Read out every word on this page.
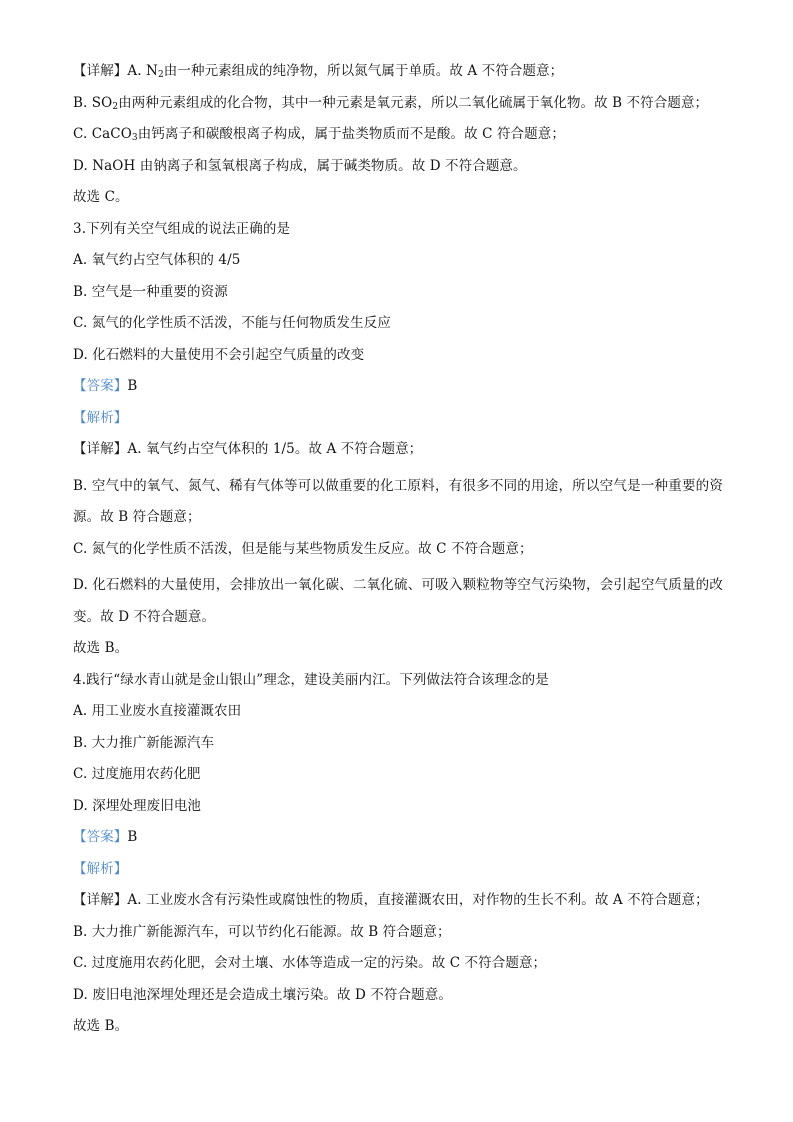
【详解】A. $N_2$由一种元素组成的纯净物，所以氮气属于单质。故 A 不符合题意；
B. $SO_2$由两种元素组成的化合物，其中一种元素是氧元素，所以二氧化硫属于氧化物。故 B 不符合题意；
C. CaCO$_3$由钙离子和碳酸根离子构成，属于盐类物质而不是酸。故 C 符合题意；
D. NaOH 由钠离子和氢氧根离子构成，属于碱类物质。故 D 不符合题意。
故选 C。
3.下列有关空气组成的说法正确的是
A. 氧气约占空气体积的 4/5
B. 空气是一种重要的资源
C. 氮气的化学性质不活泼，不能与任何物质发生反应
D. 化石燃料的大量使用不会引起空气质量的改变
【答案】B
【解析】
【详解】A. 氧气约占空气体积的 1/5。故 A 不符合题意；
B. 空气中的氧气、氮气、稀有气体等可以做重要的化工原料，有很多不同的用途，所以空气是一种重要的资源。故 B 符合题意；
C. 氮气的化学性质不活泼，但是能与某些物质发生反应。故 C 不符合题意；
D. 化石燃料的大量使用，会排放出一氧化碳、二氧化硫、可吸入颗粒物等空气污染物，会引起空气质量的改变。故 D 不符合题意。
故选 B。
4.践行“绿水青山就是金山银山”理念，建设美丽内江。下列做法符合该理念的是
A. 用工业废水直接灌溉农田
B. 大力推广新能源汽车
C. 过度施用农药化肥
D. 深埋处理废旧电池
【答案】B
【解析】
【详解】A. 工业废水含有污染性或腐蚀性的物质，直接灌溉农田，对作物的生长不利。故 A 不符合题意；
B. 大力推广新能源汽车，可以节约化石能源。故 B 符合题意；
C. 过度施用农药化肥，会对土壤、水体等造成一定的污染。故 C 不符合题意；
D. 废旧电池深埋处理还是会造成土壤污染。故 D 不符合题意。
故选 B。
